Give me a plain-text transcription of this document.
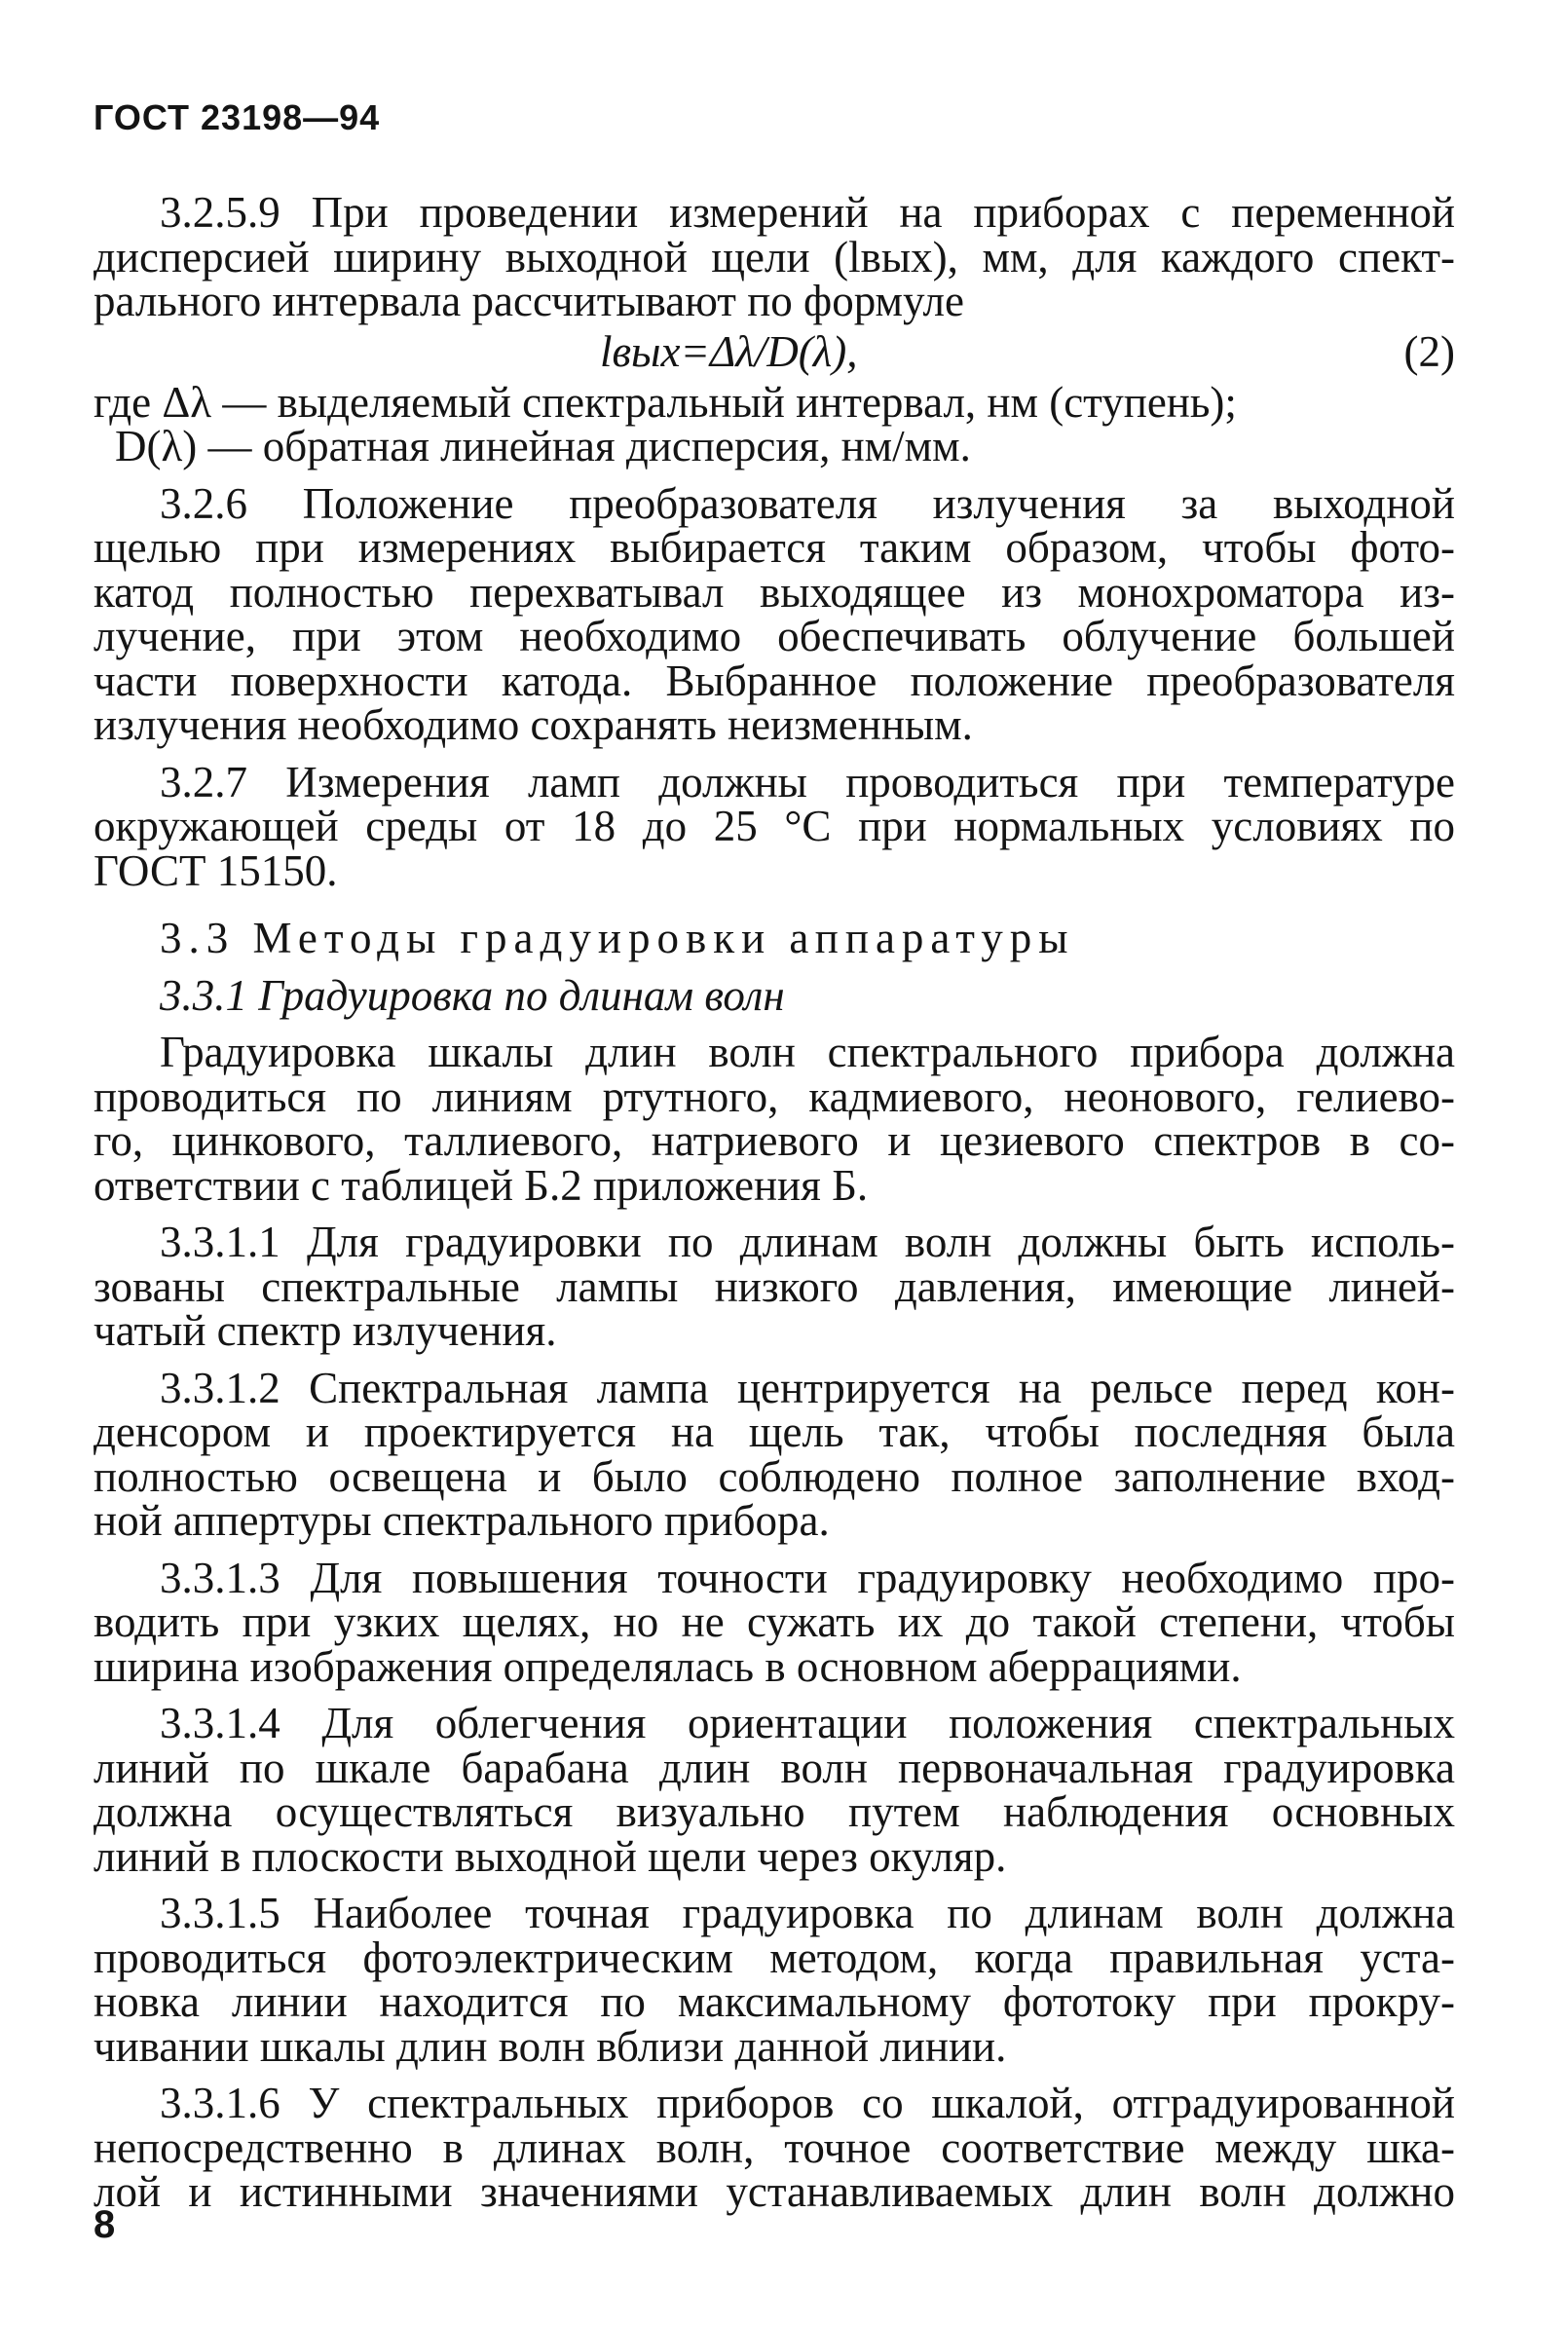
ГОСТ 23198—94
3.2.5.9 При проведении измерений на приборах с переменной
дисперсией ширину выходной щели (lвых), мм, для каждого спект-
рального интервала рассчитывают по формуле
lвых=Δλ/D(λ),	(2)
где Δλ — выделяемый спектральный интервал, нм (ступень);
D(λ) — обратная линейная дисперсия, нм/мм.
3.2.6 Положение преобразователя излучения за выходной
щелью при измерениях выбирается таким образом, чтобы фото-
катод полностью перехватывал выходящее из монохроматора из-
лучение, при этом необходимо обеспечивать облучение большей
части поверхности катода. Выбранное положение преобразователя
излучения необходимо сохранять неизменным.
3.2.7 Измерения ламп должны проводиться при температуре
окружающей среды от 18 до 25 °С при нормальных условиях по
ГОСТ 15150.
3.3 Методы градуировки аппаратуры
3.3.1 Градуировка по длинам волн
Градуировка шкалы длин волн спектрального прибора должна
проводиться по линиям ртутного, кадмиевого, неонового, гелиево-
го, цинкового, таллиевого, натриевого и цезиевого спектров в со-
ответствии с таблицей Б.2 приложения Б.
3.3.1.1 Для градуировки по длинам волн должны быть исполь-
зованы спектральные лампы низкого давления, имеющие линей-
чатый спектр излучения.
3.3.1.2 Спектральная лампа центрируется на рельсе перед кон-
денсором и проектируется на щель так, чтобы последняя была
полностью освещена и было соблюдено полное заполнение вход-
ной аппертуры спектрального прибора.
3.3.1.3 Для повышения точности градуировку необходимо про-
водить при узких щелях, но не сужать их до такой степени, чтобы
ширина изображения определялась в основном аберрациями.
3.3.1.4 Для облегчения ориентации положения спектральных
линий по шкале барабана длин волн первоначальная градуировка
должна осуществляться визуально путем наблюдения основных
линий в плоскости выходной щели через окуляр.
3.3.1.5 Наиболее точная градуировка по длинам волн должна
проводиться фотоэлектрическим методом, когда правильная уста-
новка линии находится по максимальному фототоку при прокру-
чивании шкалы длин волн вблизи данной линии.
3.3.1.6 У спектральных приборов со шкалой, отградуированной
непосредственно в длинах волн, точное соответствие между шка-
лой и истинными значениями устанавливаемых длин волн должно
8
